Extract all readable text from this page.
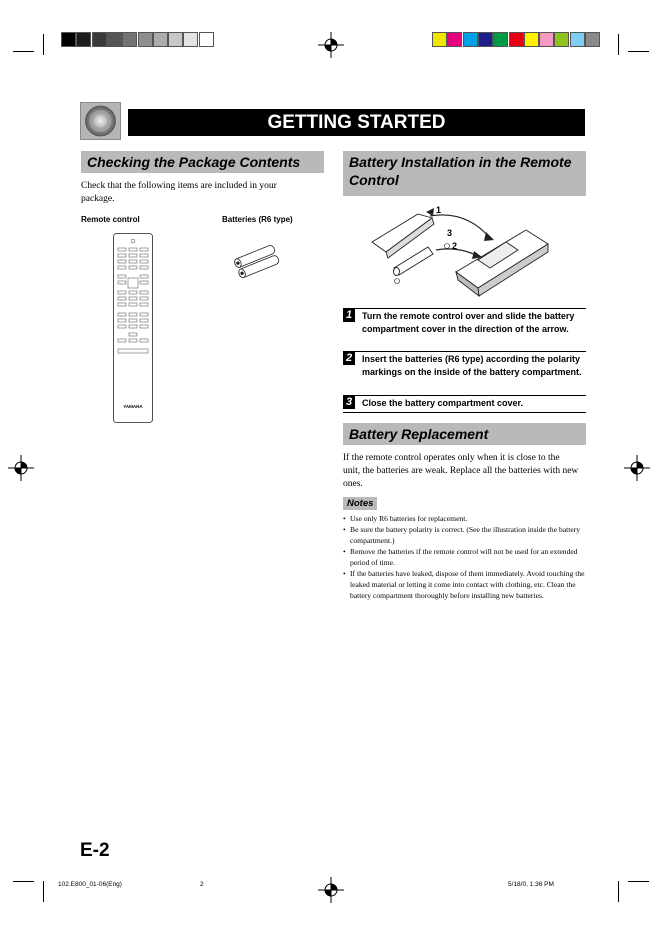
GETTING STARTED
Checking the Package Contents
Check that the following items are included in your package.
Remote control	Batteries (R6 type)
YAMAHA
Battery Installation in the Remote Control
1
3
2
1	Turn the remote control over and slide the battery compartment cover in the direction of the arrow.
2	Insert the batteries (R6 type) according the polarity markings on the inside of the battery compartment.
3	Close the battery compartment cover.
Battery Replacement
If the remote control operates only when it is close to the unit, the batteries are weak. Replace all the batteries with new ones.
Notes
• Use only R6 batteries for replacement.
• Be sure the battery polarity is correct. (See the illustration inside the battery compartment.)
• Remove the batteries if the remote control will not be used for an extended period of time.
• If the batteries have leaked, dispose of them immediately. Avoid touching the leaked material or letting it come into contact with clothing, etc. Clean the battery compartment thoroughly before installing new batteries.
E-2
102.E800_01-06(Eng)	2	5/18/0, 1:36 PM
